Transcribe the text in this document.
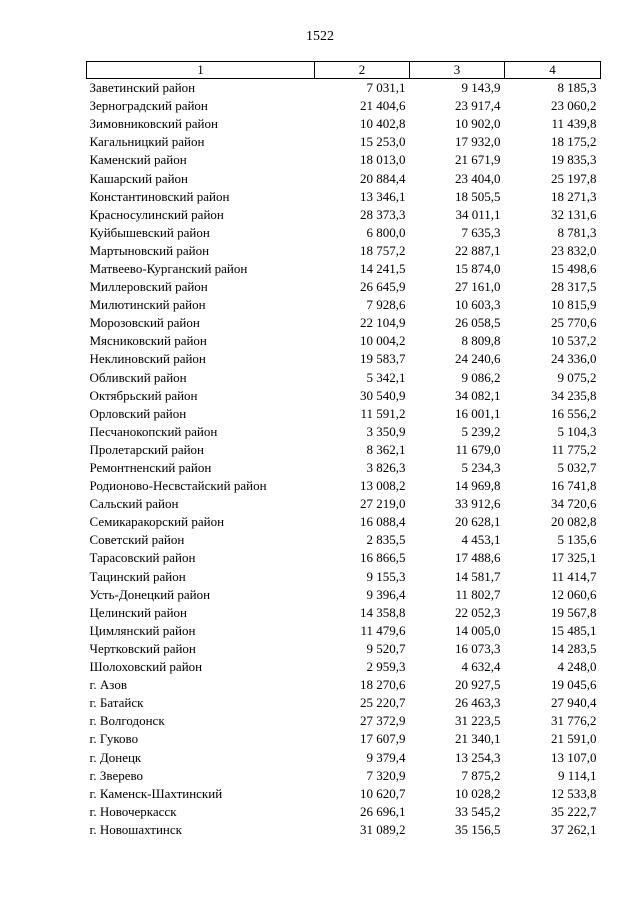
1522
1	2	3	4
Заветинский район	7 031,1	9 143,9	8 185,3
Зерноградский район	21 404,6	23 917,4	23 060,2
Зимовниковский район	10 402,8	10 902,0	11 439,8
Кагальницкий район	15 253,0	17 932,0	18 175,2
Каменский район	18 013,0	21 671,9	19 835,3
Кашарский район	20 884,4	23 404,0	25 197,8
Константиновский район	13 346,1	18 505,5	18 271,3
Красносулинский район	28 373,3	34 011,1	32 131,6
Куйбышевский район	6 800,0	7 635,3	8 781,3
Мартыновский район	18 757,2	22 887,1	23 832,0
Матвеево-Курганский район	14 241,5	15 874,0	15 498,6
Миллеровский район	26 645,9	27 161,0	28 317,5
Милютинский район	7 928,6	10 603,3	10 815,9
Морозовский район	22 104,9	26 058,5	25 770,6
Мясниковский район	10 004,2	8 809,8	10 537,2
Неклиновский район	19 583,7	24 240,6	24 336,0
Обливский район	5 342,1	9 086,2	9 075,2
Октябрьский район	30 540,9	34 082,1	34 235,8
Орловский район	11 591,2	16 001,1	16 556,2
Песчанокопский район	3 350,9	5 239,2	5 104,3
Пролетарский район	8 362,1	11 679,0	11 775,2
Ремонтненский район	3 826,3	5 234,3	5 032,7
Родионово-Несвстайский район	13 008,2	14 969,8	16 741,8
Сальский район	27 219,0	33 912,6	34 720,6
Семикаракорский район	16 088,4	20 628,1	20 082,8
Советский район	2 835,5	4 453,1	5 135,6
Тарасовский район	16 866,5	17 488,6	17 325,1
Тацинский район	9 155,3	14 581,7	11 414,7
Усть-Донецкий район	9 396,4	11 802,7	12 060,6
Целинский район	14 358,8	22 052,3	19 567,8
Цимлянский район	11 479,6	14 005,0	15 485,1
Чертковский район	9 520,7	16 073,3	14 283,5
Шолоховский район	2 959,3	4 632,4	4 248,0
г. Азов	18 270,6	20 927,5	19 045,6
г. Батайск	25 220,7	26 463,3	27 940,4
г. Волгодонск	27 372,9	31 223,5	31 776,2
г. Гуково	17 607,9	21 340,1	21 591,0
г. Донецк	9 379,4	13 254,3	13 107,0
г. Зверево	7 320,9	7 875,2	9 114,1
г. Каменск-Шахтинский	10 620,7	10 028,2	12 533,8
г. Новочеркасск	26 696,1	33 545,2	35 222,7
г. Новошахтинск	31 089,2	35 156,5	37 262,1
